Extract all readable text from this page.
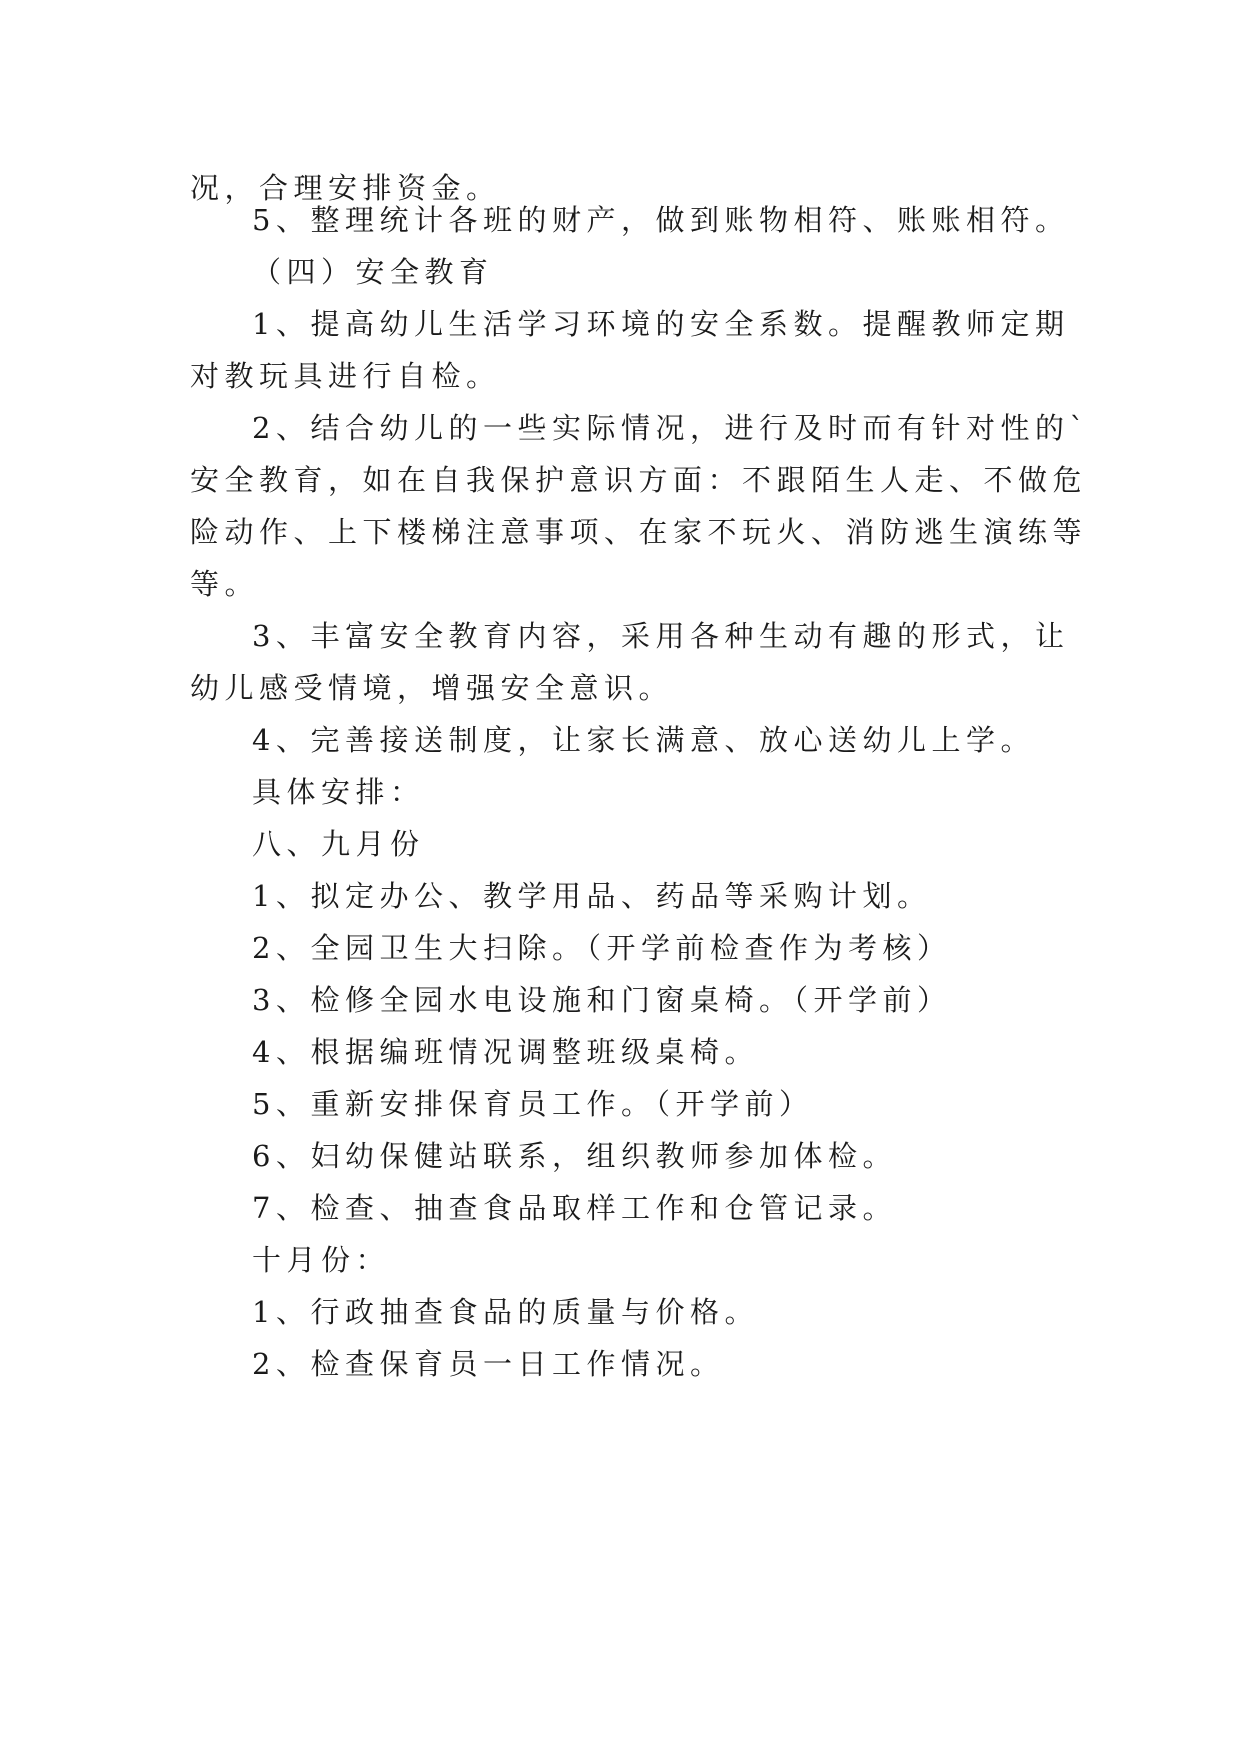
况，合理安排资金。
5、整理统计各班的财产，做到账物相符、账账相符。
（四）安全教育
1、提高幼儿生活学习环境的安全系数。提醒教师定期
对教玩具进行自检。
2、结合幼儿的一些实际情况，进行及时而有针对性的`
安全教育，如在自我保护意识方面：不跟陌生人走、不做危
险动作、上下楼梯注意事项、在家不玩火、消防逃生演练等
等。
3、丰富安全教育内容，采用各种生动有趣的形式，让
幼儿感受情境，增强安全意识。
4、完善接送制度，让家长满意、放心送幼儿上学。
具体安排：
八、九月份
1、拟定办公、教学用品、药品等采购计划。
2、全园卫生大扫除。（开学前检查作为考核）
3、检修全园水电设施和门窗桌椅。（开学前）
4、根据编班情况调整班级桌椅。
5、重新安排保育员工作。（开学前）
6、妇幼保健站联系，组织教师参加体检。
7、检查、抽查食品取样工作和仓管记录。
十月份：
1、行政抽查食品的质量与价格。
2、检查保育员一日工作情况。
